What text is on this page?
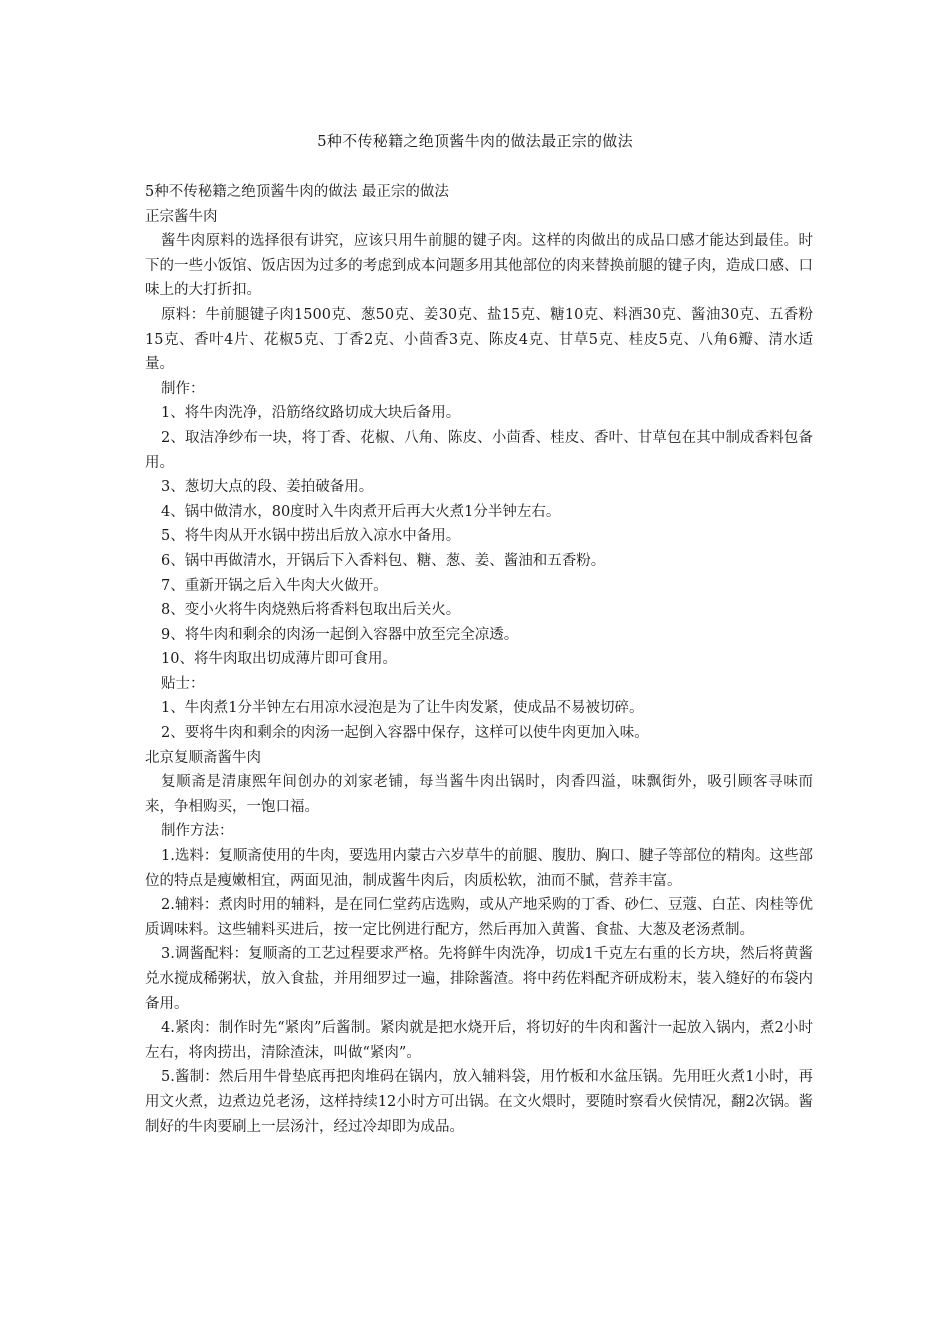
5种不传秘籍之绝顶酱牛肉的做法最正宗的做法

5种不传秘籍之绝顶酱牛肉的做法 最正宗的做法

正宗酱牛肉

酱牛肉原料的选择很有讲究，应该只用牛前腿的键子肉。这样的肉做出的成品口感才能达到最佳。时下的一些小饭馆、饭店因为过多的考虑到成本问题多用其他部位的肉来替换前腿的键子肉，造成口感、口味上的大打折扣。

原料：牛前腿键子肉1500克、葱50克、姜30克、盐15克、糖10克、料酒30克、酱油30克、五香粉15克、香叶4片、花椒5克、丁香2克、小茴香3克、陈皮4克、甘草5克、桂皮5克、八角6瓣、清水适量。

制作：

1、将牛肉洗净，沿筋络纹路切成大块后备用。

2、取洁净纱布一块，将丁香、花椒、八角、陈皮、小茴香、桂皮、香叶、甘草包在其中制成香料包备用。

3、葱切大点的段、姜拍破备用。

4、锅中做清水，80度时入牛肉煮开后再大火煮1分半钟左右。

5、将牛肉从开水锅中捞出后放入凉水中备用。

6、锅中再做清水，开锅后下入香料包、糖、葱、姜、酱油和五香粉。

7、重新开锅之后入牛肉大火做开。

8、变小火将牛肉烧熟后将香料包取出后关火。

9、将牛肉和剩余的肉汤一起倒入容器中放至完全凉透。

10、将牛肉取出切成薄片即可食用。

贴士：

1、牛肉煮1分半钟左右用凉水浸泡是为了让牛肉发紧，使成品不易被切碎。

2、要将牛肉和剩余的肉汤一起倒入容器中保存，这样可以使牛肉更加入味。

北京复顺斋酱牛肉

复顺斋是清康熙年间创办的刘家老铺，每当酱牛肉出锅时，肉香四溢，味飘街外，吸引顾客寻味而来，争相购买，一饱口福。

制作方法：

1.选料：复顺斋使用的牛肉，要选用内蒙古六岁草牛的前腿、腹肋、胸口、腱子等部位的精肉。这些部位的特点是瘦嫩相宜，两面见油，制成酱牛肉后，肉质松软，油而不腻，营养丰富。

2.辅料：煮肉时用的辅料，是在同仁堂药店选购，或从产地采购的丁香、砂仁、豆蔻、白芷、肉桂等优质调味料。这些辅料买进后，按一定比例进行配方，然后再加入黄酱、食盐、大葱及老汤煮制。

3.调酱配料：复顺斋的工艺过程要求严格。先将鲜牛肉洗净，切成1千克左右重的长方块，然后将黄酱兑水搅成稀粥状，放入食盐，并用细罗过一遍，排除酱渣。将中药佐料配齐研成粉末，装入缝好的布袋内备用。

4.紧肉：制作时先“紧肉”后酱制。紧肉就是把水烧开后，将切好的牛肉和酱汁一起放入锅内，煮2小时左右，将肉捞出，清除渣沫，叫做“紧肉”。

5.酱制：然后用牛骨垫底再把肉堆码在锅内，放入辅料袋，用竹板和水盆压锅。先用旺火煮1小时，再用文火煮，边煮边兑老汤，这样持续12小时方可出锅。在文火煨时，要随时察看火侯情况，翻2次锅。酱制好的牛肉要刷上一层汤汁，经过冷却即为成品。
